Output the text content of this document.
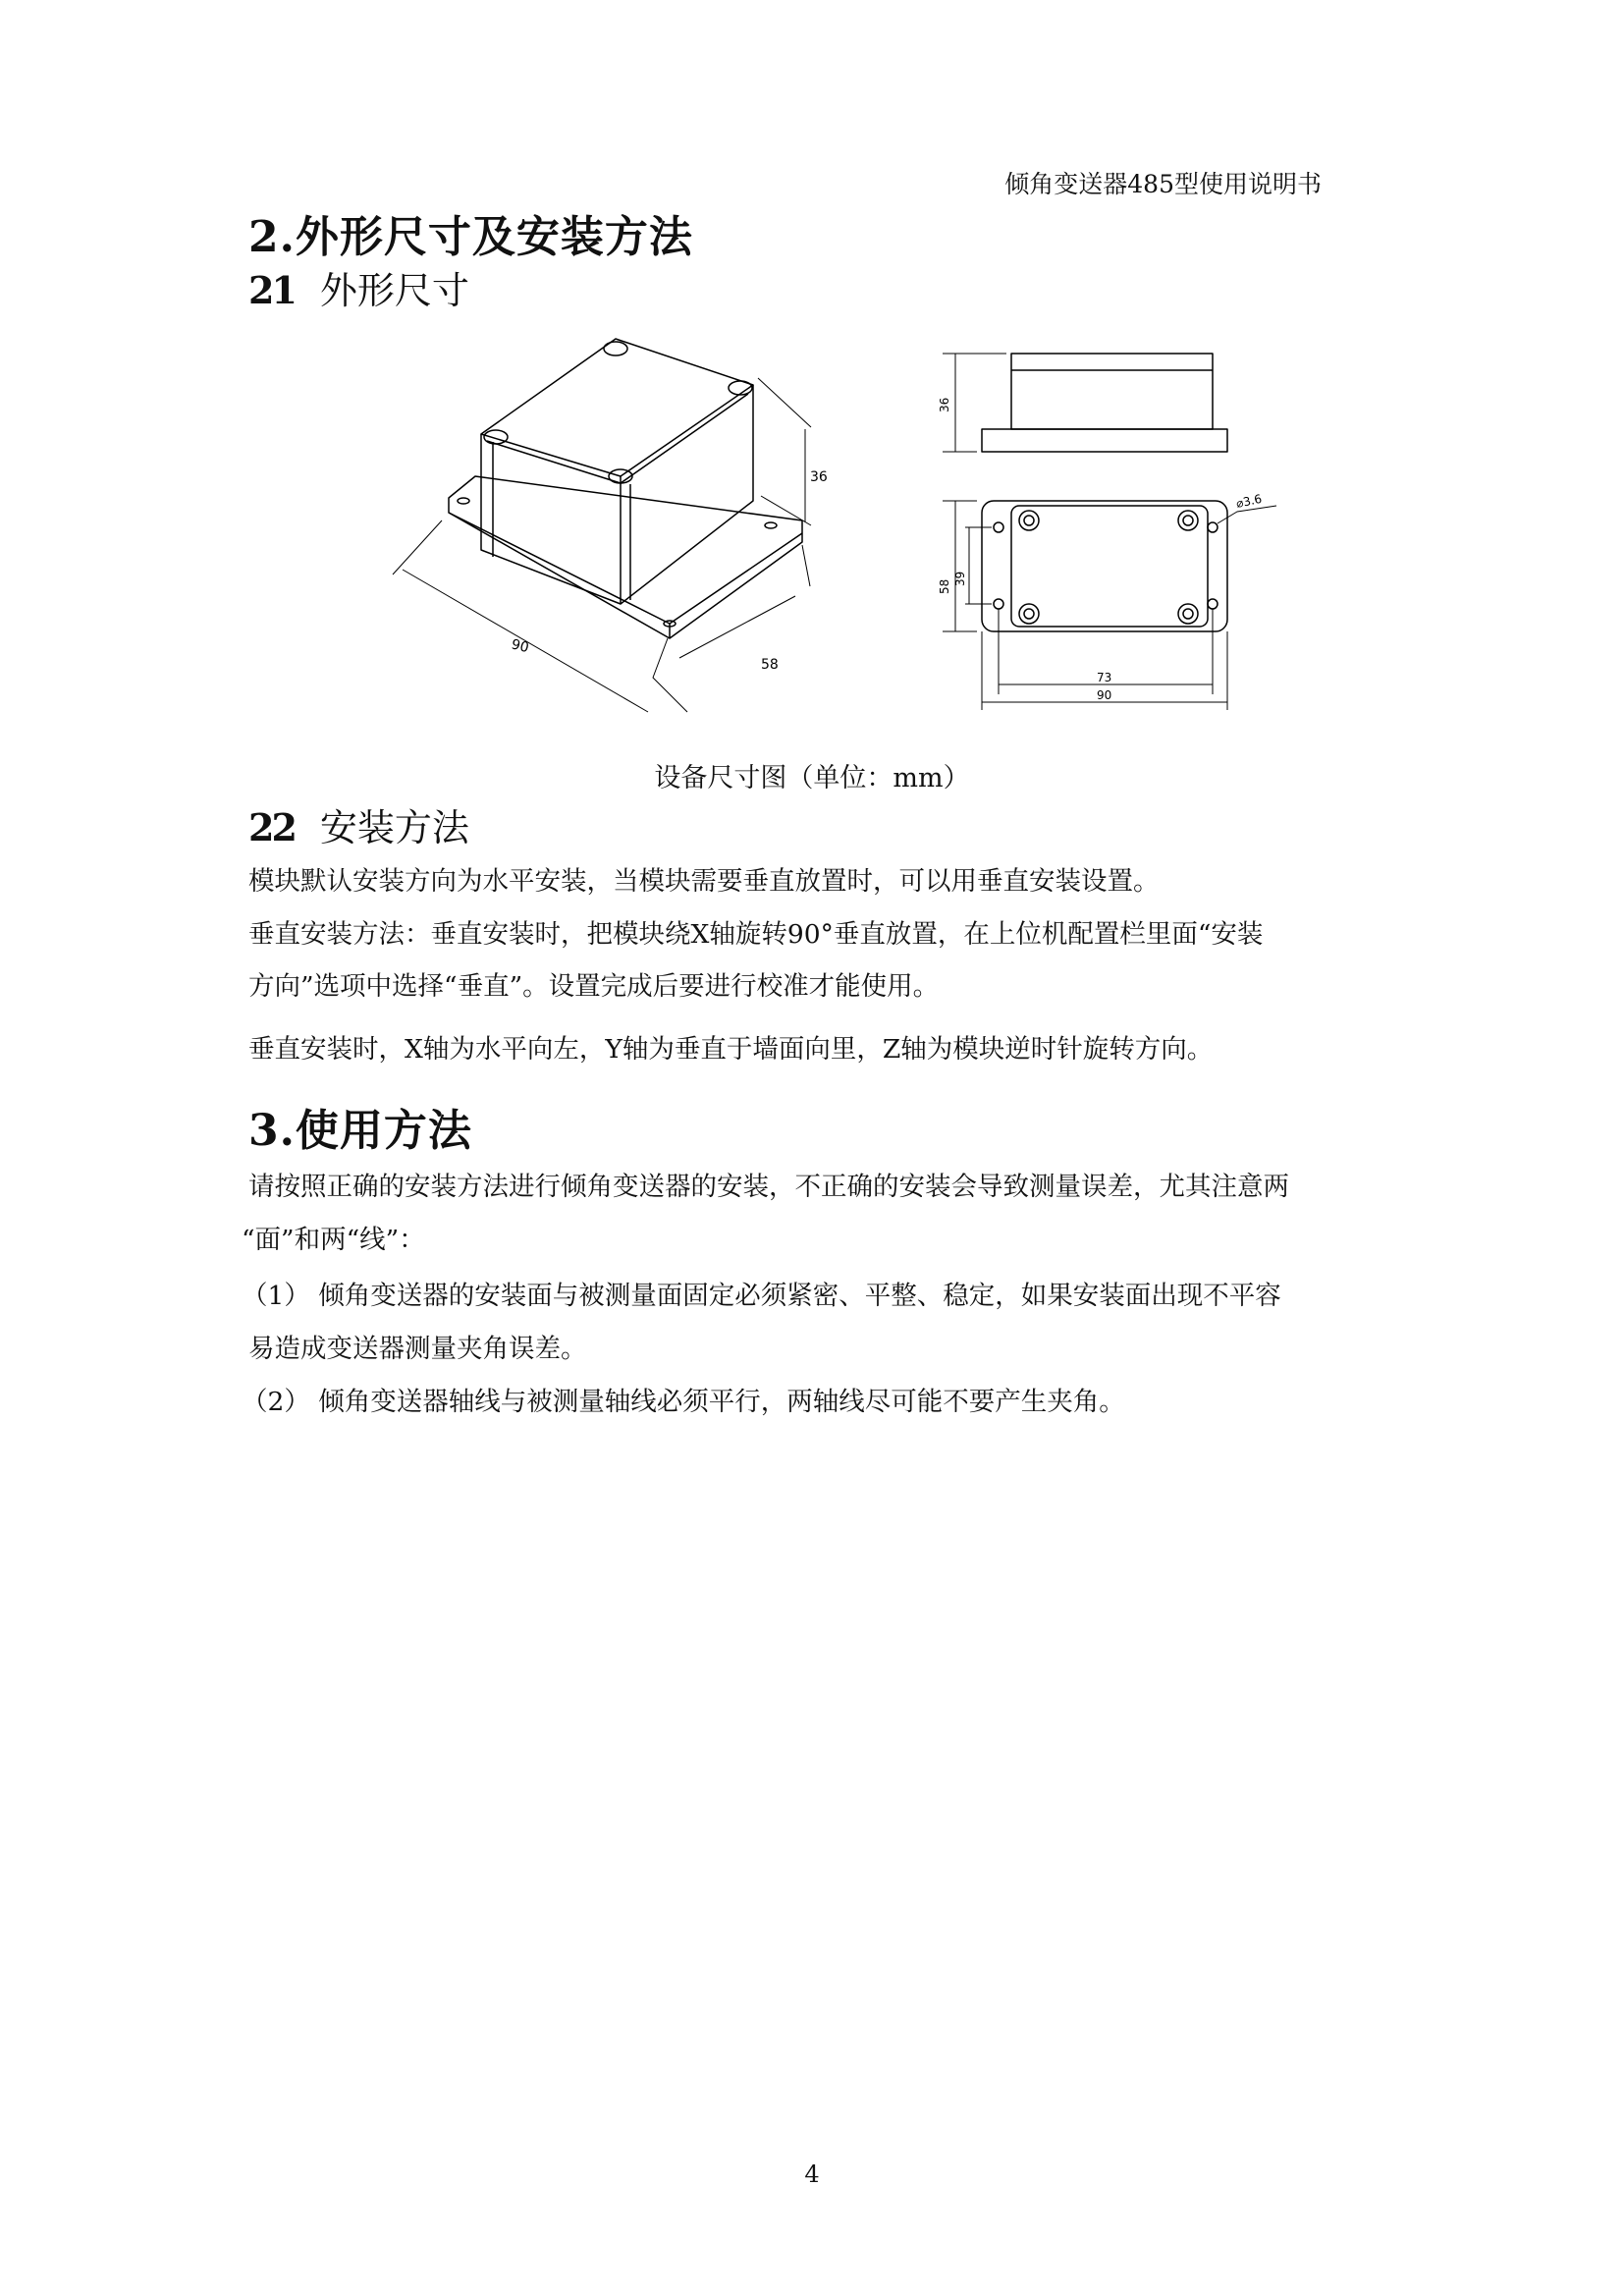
倾角变送器485型使用说明书
2.外形尺寸及安装方法
21 外形尺寸
36
90
58
36
58
39
⌀3.6
73
90
设备尺寸图（单位：mm）
22 安装方法
模块默认安装方向为水平安装，当模块需要垂直放置时，可以用垂直安装设置。
垂直安装方法：垂直安装时，把模块绕X轴旋转90°垂直放置，在上位机配置栏里面“安装
方向”选项中选择“垂直”。设置完成后要进行校准才能使用。
垂直安装时，X轴为水平向左，Y轴为垂直于墙面向里，Z轴为模块逆时针旋转方向。
3.使用方法
请按照正确的安装方法进行倾角变送器的安装，不正确的安装会导致测量误差，尤其注意两
“面”和两“线”：
（1） 倾角变送器的安装面与被测量面固定必须紧密、平整、稳定，如果安装面出现不平容
易造成变送器测量夹角误差。
（2） 倾角变送器轴线与被测量轴线必须平行，两轴线尽可能不要产生夹角。
4
